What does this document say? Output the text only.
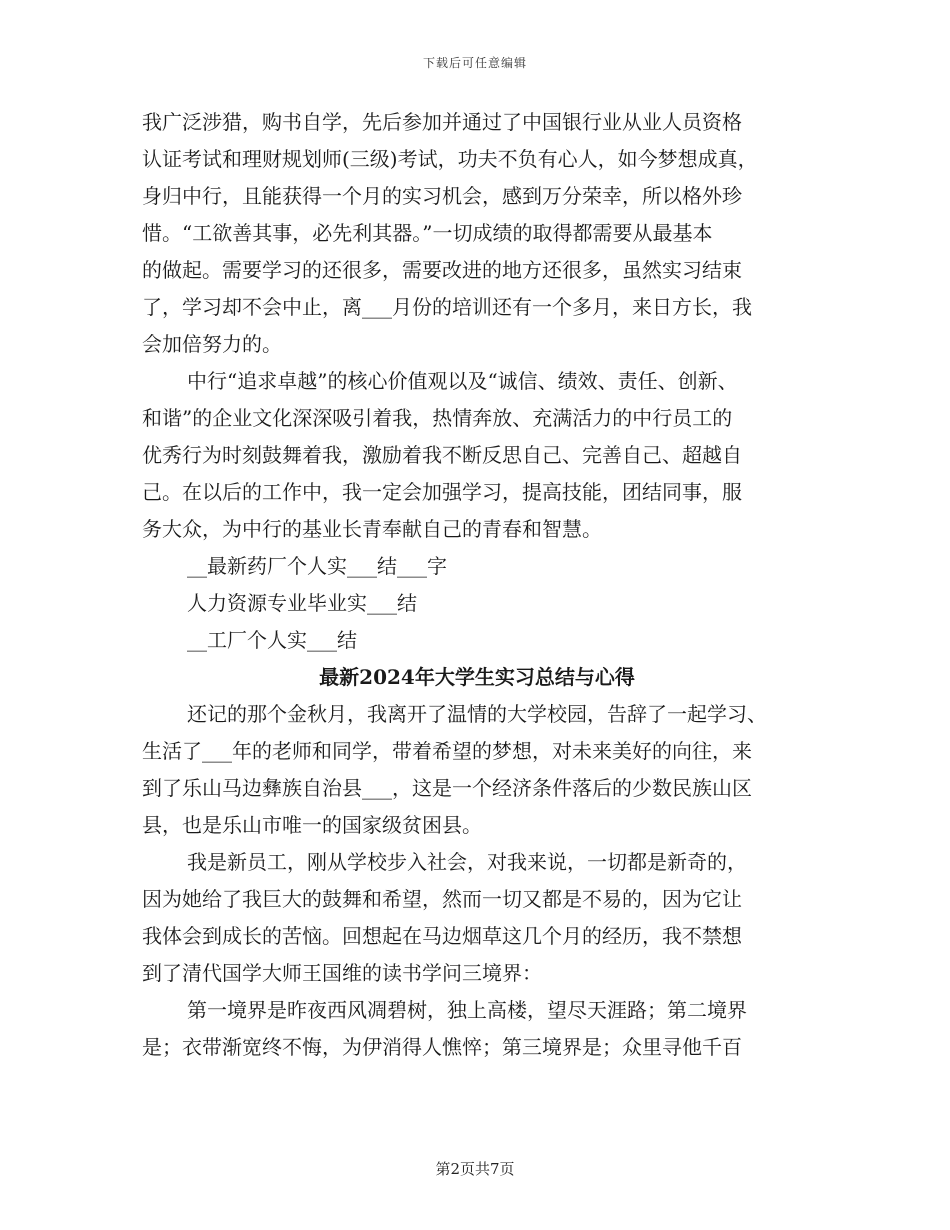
下载后可任意编辑
我广泛涉猎，购书自学，先后参加并通过了中国银行业从业人员资格
认证考试和理财规划师(三级)考试，功夫不负有心人，如今梦想成真，
身归中行，且能获得一个月的实习机会，感到万分荣幸，所以格外珍
惜。“工欲善其事，必先利其器。”一切成绩的取得都需要从最基本
的做起。需要学习的还很多，需要改进的地方还很多，虽然实习结束
了，学习却不会中止，离___月份的培训还有一个多月，来日方长，我
会加倍努力的。
中行“追求卓越”的核心价值观以及“诚信、绩效、责任、创新、
和谐”的企业文化深深吸引着我，热情奔放、充满活力的中行员工的
优秀行为时刻鼓舞着我，激励着我不断反思自己、完善自己、超越自
己。在以后的工作中，我一定会加强学习，提高技能，团结同事，服
务大众，为中行的基业长青奉献自己的青春和智慧。
__最新药厂个人实___结___字
人力资源专业毕业实___结
__工厂个人实___结
最新2024年大学生实习总结与心得
还记的那个金秋月，我离开了温情的大学校园，告辞了一起学习、
生活了___年的老师和同学，带着希望的梦想，对未来美好的向往，来
到了乐山马边彝族自治县___，这是一个经济条件落后的少数民族山区
县，也是乐山市唯一的国家级贫困县。
我是新员工，刚从学校步入社会，对我来说，一切都是新奇的，
因为她给了我巨大的鼓舞和希望，然而一切又都是不易的，因为它让
我体会到成长的苦恼。回想起在马边烟草这几个月的经历，我不禁想
到了清代国学大师王国维的读书学问三境界：
第一境界是昨夜西风凋碧树，独上高楼，望尽天涯路；第二境界
是；衣带渐宽终不悔，为伊消得人憔悴；第三境界是；众里寻他千百
第2页共7页
